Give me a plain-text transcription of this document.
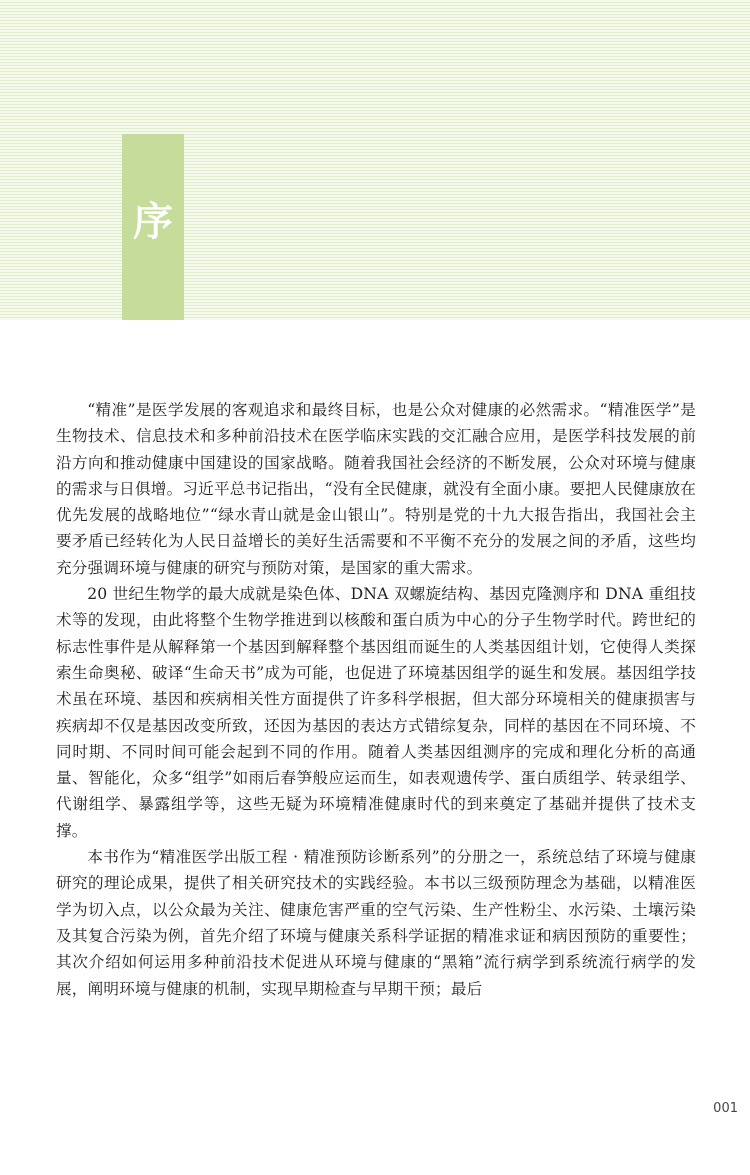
序

“精准”是医学发展的客观追求和最终目标，也是公众对健康的必然需求。“精准医学”是生物技术、信息技术和多种前沿技术在医学临床实践的交汇融合应用，是医学科技发展的前沿方向和推动健康中国建设的国家战略。随着我国社会经济的不断发展，公众对环境与健康的需求与日俱增。习近平总书记指出，“没有全民健康，就没有全面小康。要把人民健康放在优先发展的战略地位”“绿水青山就是金山银山”。特别是党的十九大报告指出，我国社会主要矛盾已经转化为人民日益增长的美好生活需要和不平衡不充分的发展之间的矛盾，这些均充分强调环境与健康的研究与预防对策，是国家的重大需求。

20 世纪生物学的最大成就是染色体、DNA 双螺旋结构、基因克隆测序和 DNA 重组技术等的发现，由此将整个生物学推进到以核酸和蛋白质为中心的分子生物学时代。跨世纪的标志性事件是从解释第一个基因到解释整个基因组而诞生的人类基因组计划，它使得人类探索生命奥秘、破译“生命天书”成为可能，也促进了环境基因组学的诞生和发展。基因组学技术虽在环境、基因和疾病相关性方面提供了许多科学根据，但大部分环境相关的健康损害与疾病却不仅是基因改变所致，还因为基因的表达方式错综复杂，同样的基因在不同环境、不同时期、不同时间可能会起到不同的作用。随着人类基因组测序的完成和理化分析的高通量、智能化，众多“组学”如雨后春笋般应运而生，如表观遗传学、蛋白质组学、转录组学、代谢组学、暴露组学等，这些无疑为环境精准健康时代的到来奠定了基础并提供了技术支撑。

本书作为“精准医学出版工程 · 精准预防诊断系列”的分册之一，系统总结了环境与健康研究的理论成果，提供了相关研究技术的实践经验。本书以三级预防理念为基础，以精准医学为切入点，以公众最为关注、健康危害严重的空气污染、生产性粉尘、水污染、土壤污染及其复合污染为例，首先介绍了环境与健康关系科学证据的精准求证和病因预防的重要性；其次介绍如何运用多种前沿技术促进从环境与健康的“黑箱”流行病学到系统流行病学的发展，阐明环境与健康的机制，实现早期检查与早期干预；最后

001
